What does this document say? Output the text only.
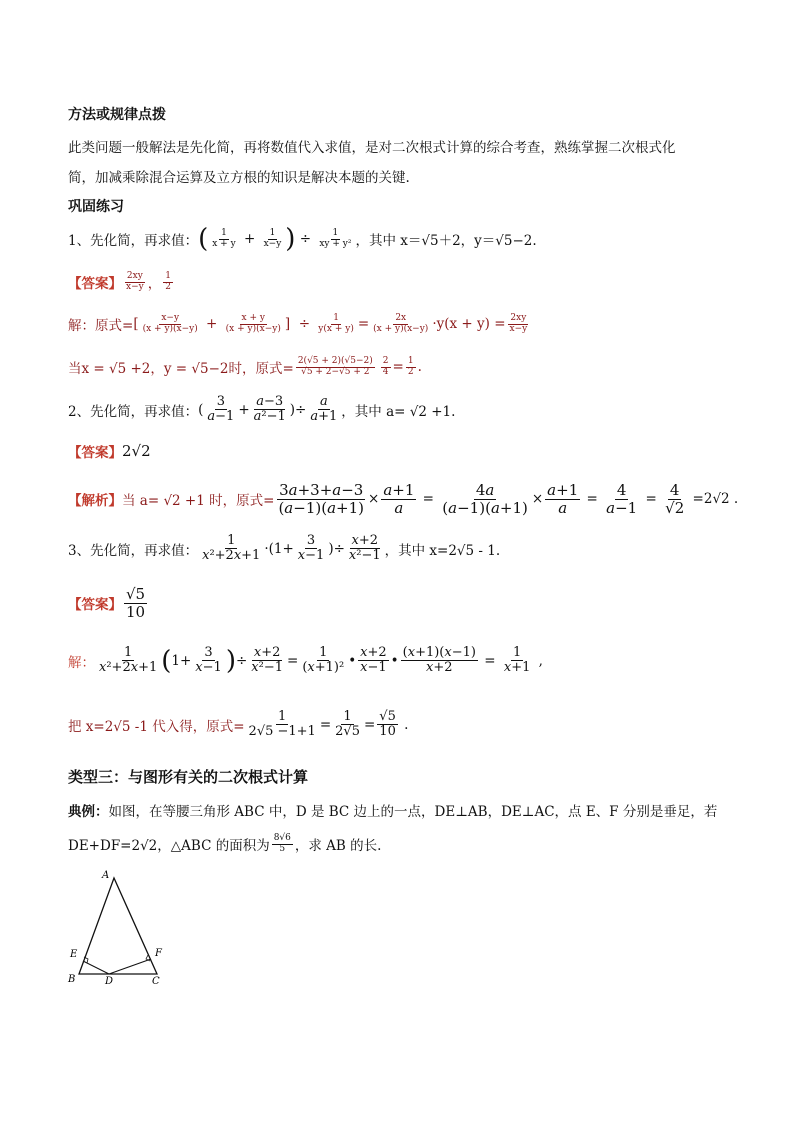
方法或规律点拨
此类问题一般解法是先化简，再将数值代入求值，是对二次根式计算的综合考查，熟练掌握二次根式化
简，加减乘除混合运算及立方根的知识是解决本题的关键.
巩固练习
1、先化简，再求值： ( $\frac{1}{x + y} + \frac{1}{x-y}$ ) ÷ $\frac{1}{\text{xy + y²}}$ ，其中 x＝√5＋2，y＝√5−2.
【答案】 $\frac{2xy}{x-y}$ ， $\frac{1}{2}$
解： 原式= [ $\frac{x-y}{(x + y)(x-y)} + \frac{x + y}{(x + y)(x-y)}$ ]  ÷ $\frac{1}{y(x + y)} = \frac{2x}{(x + y)(x-y)} \cdot y(x + y) = \frac{2xy}{x-y}$
当x = √5 +2，y = √5−2时，原式= $\frac{2(√5 + 2)(√5-2)}{√5 + 2-√5 + 2} \frac{2}{4} = \frac{1}{2}$ .
2、先化简，再求值： ( $\frac{3}{a-1} + \frac{a-3}{\text{a²−1}}$ )÷ $\frac{a}{a+1}$ ，其中 a= √2 +1.
【答案】 2√2
【解析】 当 a= √2 +1 时，原式= $\frac{3a+3+a-3}{(a-1)(a+1)} \times \frac{a+1}{a} = \frac{4a}{(a-1)(a+1)} \times \frac{a+1}{a} = \frac{4}{a-1} = \frac{4}{√2} =2√2$ .
3、先化简，再求值： $\frac{1}{\text{x²+2x+1}} \cdot(1+ \frac{3}{x-1}$ )÷ $\frac{x+2}{\text{x²−1}}$ ，其中 x=2√5 - 1.
【答案】 $\frac{√5}{10}$
解： $\frac{1}{\text{x²+2x+1}}$ ( $1+ \frac{3}{x-1}$ ) ÷ $\frac{x+2}{\text{x²−1}} = \frac{1}{\text{(x+1)²}}$ • $\frac{x+2}{x-1}$ • $\frac{(x+1)(x-1)}{x+2} = \frac{1}{x+1}$ ,
把 x=2√5 -1 代入得，原式= $\frac{1}{2√5 -1+1} = \frac{1}{2√5} = \frac{√5}{10}$ .
类型三：与图形有关的二次根式计算
典例： 如图，在等腰三角形 ABC 中，D 是 BC 边上的一点，DE⊥AB，DE⊥AC，点 E、F 分别是垂足，若
DE+DF=2√2，△ABC 的面积为 $\frac{8√6}{5}$ ，求 AB 的长.
A
E	F
B	D	C
